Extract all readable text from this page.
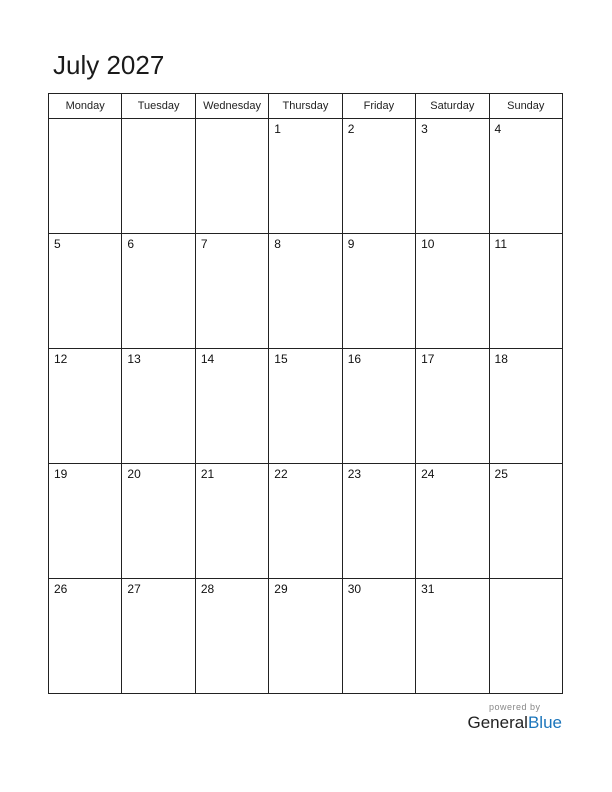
July 2027
Monday	Tuesday	Wednesday	Thursday	Friday	Saturday	Sunday

			1	2	3	4

5	6	7	8	9	10	11

12	13	14	15	16	17	18

19	20	21	22	23	24	25

26	27	28	29	30	31	

powered by
GeneralBlue
